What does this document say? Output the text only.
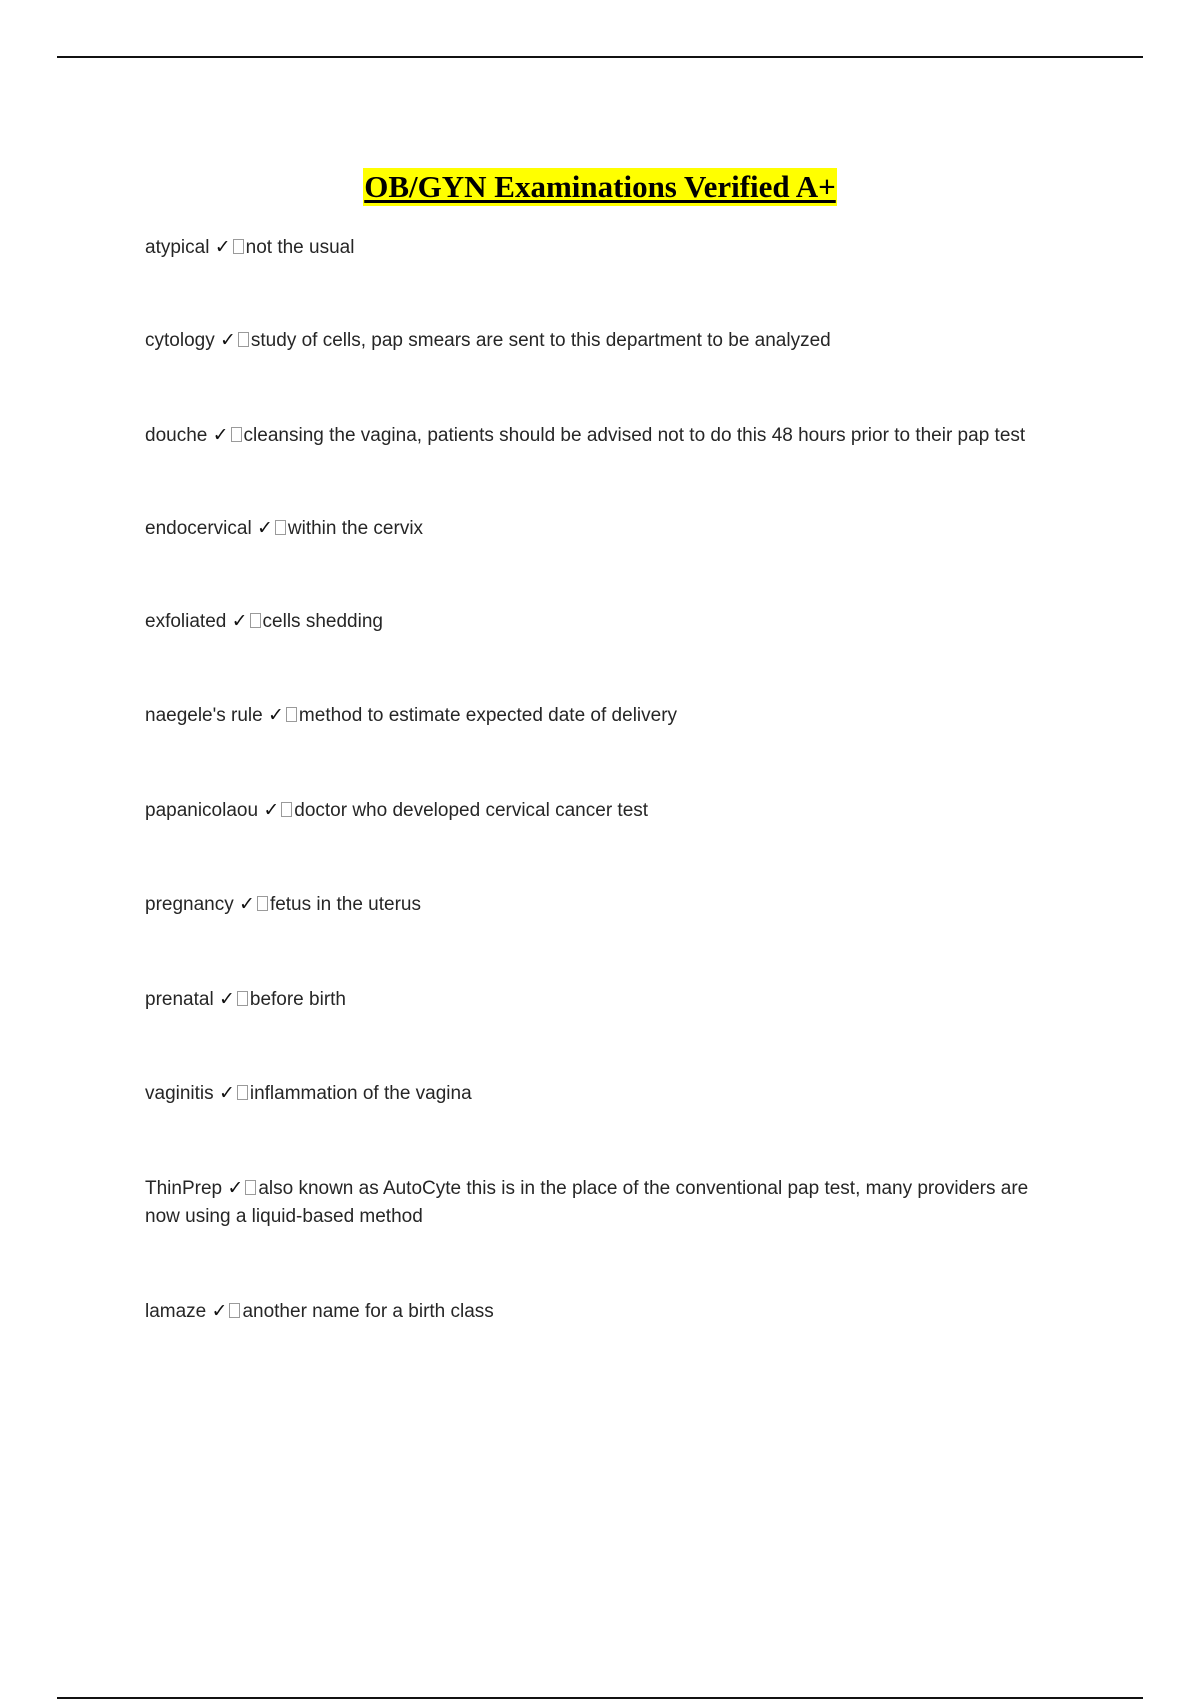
OB/GYN Examinations Verified A+
atypical ✓ not the usual
cytology ✓ study of cells, pap smears are sent to this department to be analyzed
douche ✓ cleansing the vagina, patients should be advised not to do this 48 hours prior to their pap test
endocervical ✓ within the cervix
exfoliated ✓ cells shedding
naegele's rule ✓ method to estimate expected date of delivery
papanicolaou ✓ doctor who developed cervical cancer test
pregnancy ✓ fetus in the uterus
prenatal ✓ before birth
vaginitis ✓ inflammation of the vagina
ThinPrep ✓ also known as AutoCyte this is in the place of the conventional pap test, many providers are now using a liquid-based method
lamaze ✓ another name for a birth class
